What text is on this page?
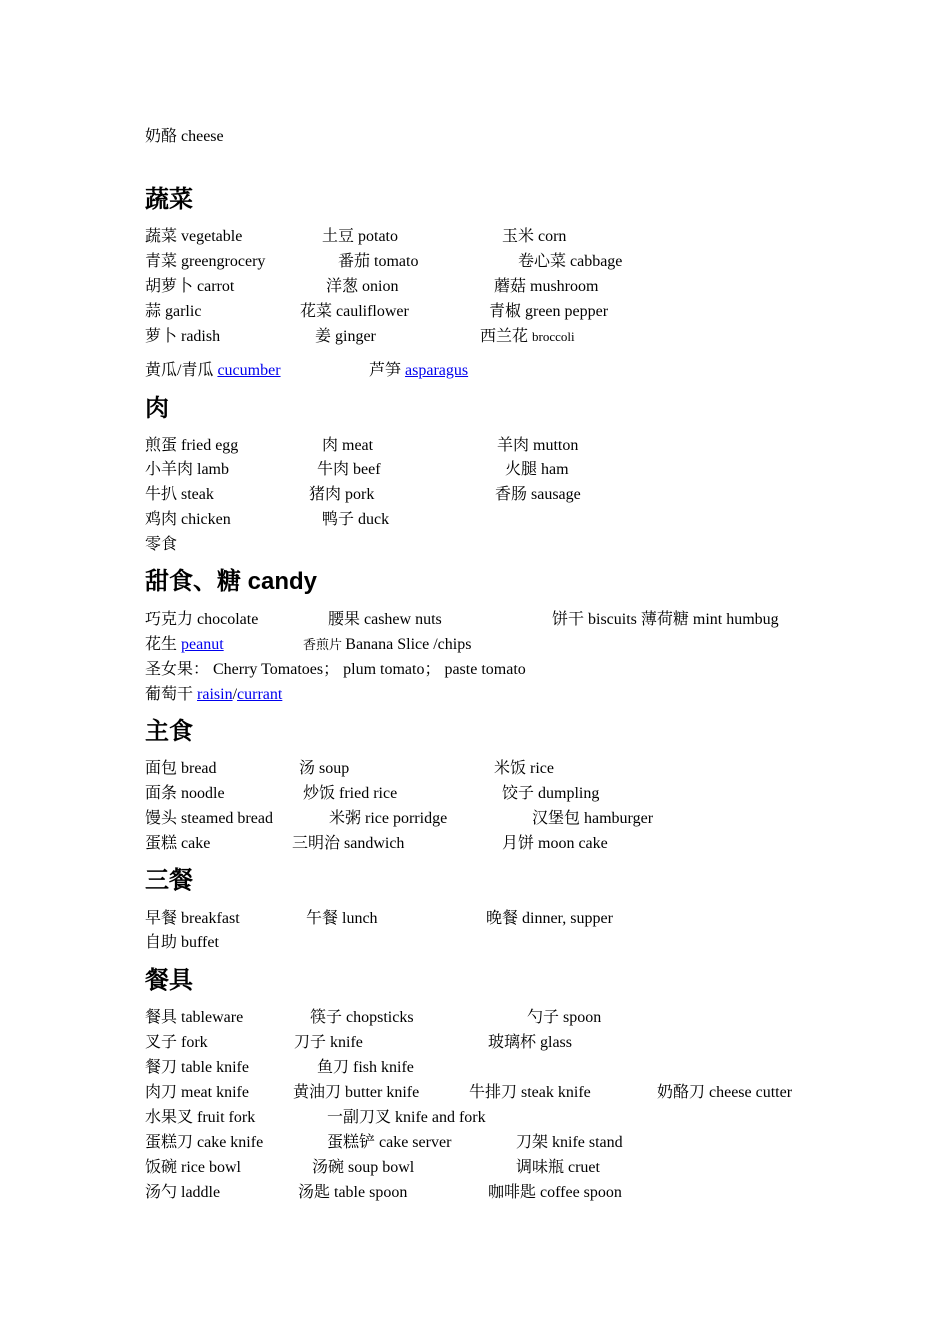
奶酪 cheese
蔬菜
蔬菜 vegetable	土豆 potato	玉米 corn
青菜 greengrocery	番茄 tomato	卷心菜 cabbage
胡萝卜 carrot	洋葱 onion	蘑菇 mushroom
蒜 garlic	花菜 cauliflower	青椒 green pepper
萝卜 radish	姜 ginger	西兰花 broccoli
黄瓜/青瓜 cucumber	芦笋 asparagus
肉
煎蛋 fried egg	肉 meat	羊肉 mutton
小羊肉 lamb	牛肉 beef	火腿 ham
牛扒 steak	猪肉 pork	香肠 sausage
鸡肉 chicken	鸭子 duck
零食
甜食、糖 candy
巧克力 chocolate	腰果 cashew nuts	饼干 biscuits 薄荷糖 mint humbug
花生 peanut	香煎片 Banana Slice /chips
圣女果： Cherry Tomatoes； plum tomato； paste tomato
葡萄干 raisin/currant
主食
面包 bread	汤 soup	米饭 rice
面条 noodle	炒饭 fried rice	饺子 dumpling
馒头 steamed bread	米粥 rice porridge	汉堡包 hamburger
蛋糕 cake	三明治 sandwich	月饼 moon cake
三餐
早餐 breakfast	午餐 lunch	晚餐 dinner, supper
自助 buffet
餐具
餐具 tableware	筷子 chopsticks	勺子 spoon
叉子 fork	刀子 knife	玻璃杯 glass
餐刀 table knife	鱼刀 fish knife
肉刀 meat knife	黄油刀 butter knife	牛排刀 steak knife	奶酪刀 cheese cutter
水果叉 fruit fork	一副刀叉 knife and fork
蛋糕刀 cake knife	蛋糕铲 cake server	刀架 knife stand
饭碗 rice bowl	汤碗 soup bowl	调味瓶 cruet
汤勺 laddle	汤匙 table spoon	咖啡匙 coffee spoon
